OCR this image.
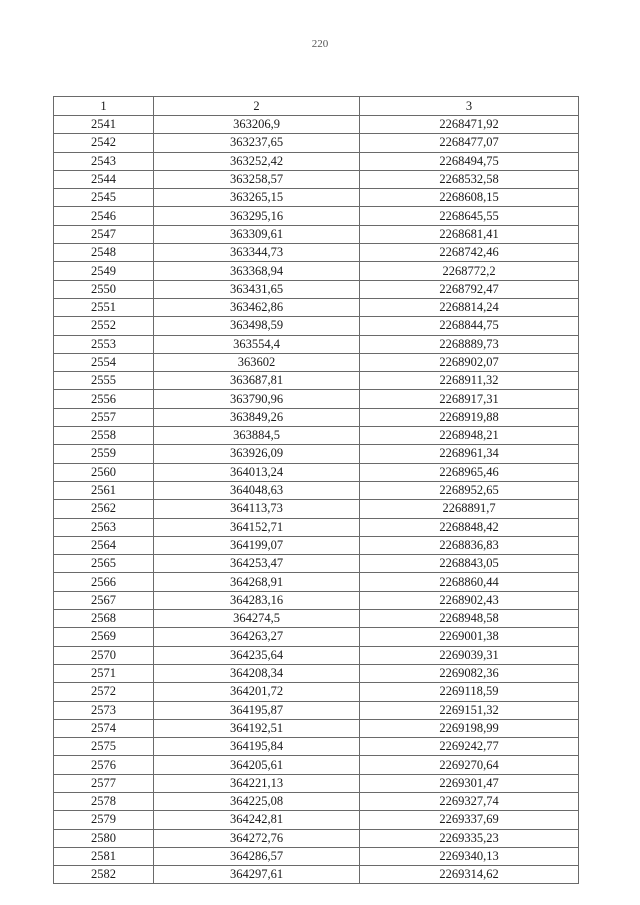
220
1	2	3
2541	363206,9	2268471,92
2542	363237,65	2268477,07
2543	363252,42	2268494,75
2544	363258,57	2268532,58
2545	363265,15	2268608,15
2546	363295,16	2268645,55
2547	363309,61	2268681,41
2548	363344,73	2268742,46
2549	363368,94	2268772,2
2550	363431,65	2268792,47
2551	363462,86	2268814,24
2552	363498,59	2268844,75
2553	363554,4	2268889,73
2554	363602	2268902,07
2555	363687,81	2268911,32
2556	363790,96	2268917,31
2557	363849,26	2268919,88
2558	363884,5	2268948,21
2559	363926,09	2268961,34
2560	364013,24	2268965,46
2561	364048,63	2268952,65
2562	364113,73	2268891,7
2563	364152,71	2268848,42
2564	364199,07	2268836,83
2565	364253,47	2268843,05
2566	364268,91	2268860,44
2567	364283,16	2268902,43
2568	364274,5	2268948,58
2569	364263,27	2269001,38
2570	364235,64	2269039,31
2571	364208,34	2269082,36
2572	364201,72	2269118,59
2573	364195,87	2269151,32
2574	364192,51	2269198,99
2575	364195,84	2269242,77
2576	364205,61	2269270,64
2577	364221,13	2269301,47
2578	364225,08	2269327,74
2579	364242,81	2269337,69
2580	364272,76	2269335,23
2581	364286,57	2269340,13
2582	364297,61	2269314,62
